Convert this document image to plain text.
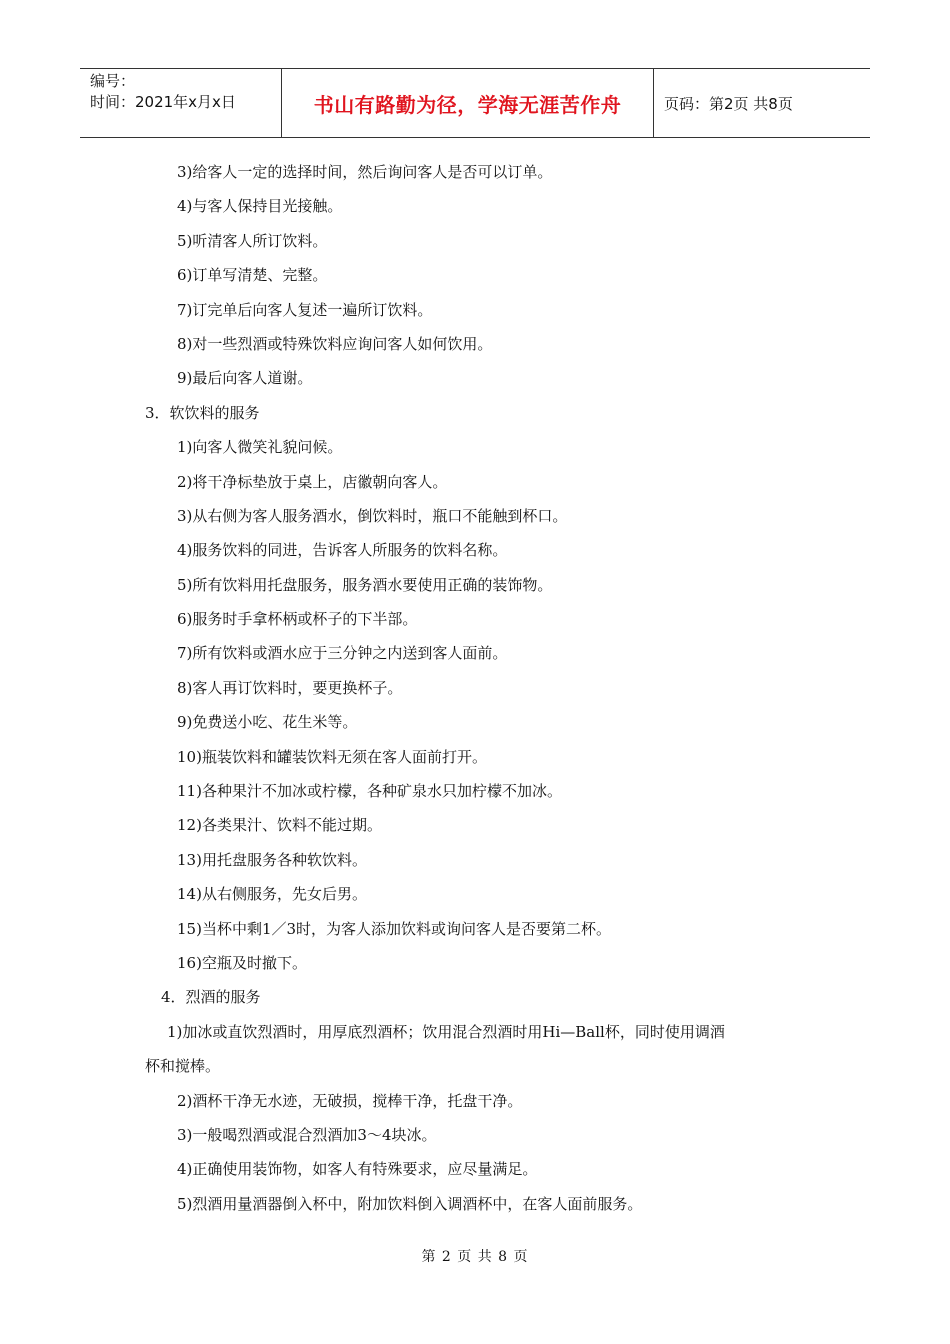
编号：
时间：2021年x月x日	书山有路勤为径，学海无涯苦作舟	页码：第2页 共8页
3)给客人一定的选择时间，然后询问客人是否可以订单。
4)与客人保持目光接触。
5)听清客人所订饮料。
6)订单写清楚、完整。
7)订完单后向客人复述一遍所订饮料。
8)对一些烈酒或特殊饮料应询问客人如何饮用。
9)最后向客人道谢。
3．软饮料的服务
1)向客人微笑礼貌问候。
2)将干净标垫放于桌上，店徽朝向客人。
3)从右侧为客人服务酒水，倒饮料时，瓶口不能触到杯口。
4)服务饮料的同进，告诉客人所服务的饮料名称。
5)所有饮料用托盘服务，服务酒水要使用正确的装饰物。
6)服务时手拿杯柄或杯子的下半部。
7)所有饮料或酒水应于三分钟之内送到客人面前。
8)客人再订饮料时，要更换杯子。
9)免费送小吃、花生米等。
10)瓶装饮料和罐装饮料无须在客人面前打开。
11)各种果汁不加冰或柠檬，各种矿泉水只加柠檬不加冰。
12)各类果汁、饮料不能过期。
13)用托盘服务各种软饮料。
14)从右侧服务，先女后男。
15)当杯中剩1／3时，为客人添加饮料或询问客人是否要第二杯。
16)空瓶及时撤下。
4．烈酒的服务
1)加冰或直饮烈酒时，用厚底烈酒杯；饮用混合烈酒时用Hi—Ball杯，同时使用调酒
杯和搅棒。
2)酒杯干净无水迹，无破损，搅棒干净，托盘干净。
3)一般喝烈酒或混合烈酒加3～4块冰。
4)正确使用装饰物，如客人有特殊要求，应尽量满足。
5)烈酒用量酒器倒入杯中，附加饮料倒入调酒杯中，在客人面前服务。
第 2 页 共 8 页
